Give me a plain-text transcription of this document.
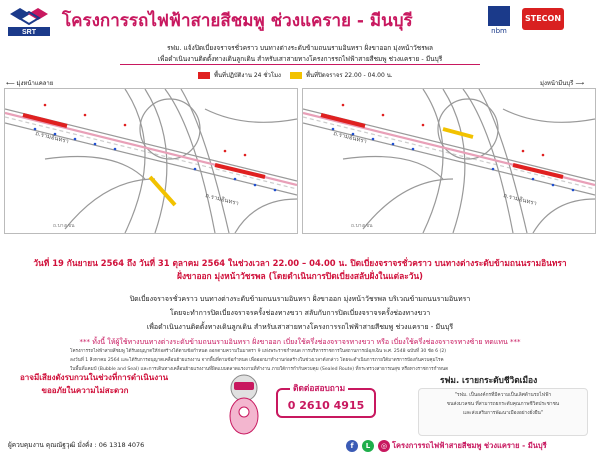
SRT
โครงการรถไฟฟ้าสายสีชมพู ช่วงแคราย - มีนบุรี	nbm
STECON
รฟม. แจ้งปิดเบี่ยงจราจรชั่วคราว บนทางต่างระดับข้ามถนนรามอินทรา ฝั่งขาออก มุ่งหน้าวัชรพล
เพื่อดำเนินงานติดตั้งทางเดินลูกเดิน สำหรับเสาสายทางโครงการรถไฟฟ้าสายสีชมพู ช่วงแคราย - มีนบุรี
พื้นที่ปฏิบัติงาน 24 ชั่วโมง	พื้นที่ปิดจราจร 22.00 - 04.00 น.
⟵ มุ่งหน้าแคลาย	มุ่งหน้ามีนบุรี ⟶
ถ.รามอินทรา
ถ.รามอินทรา
ถ.บางเขน
ถ.รามอินทรา
ถ.รามอินทรา
ถ.บางเขน
วันที่ 19 กันยายน 2564 ถึง วันที่ 31 ตุลาคม 2564 ในช่วงเวลา 22.00 – 04.00 น. ปิดเบี่ยงจราจรชั่วคราว บนทางต่างระดับข้ามถนนรามอินทรา
ฝั่งขาออก มุ่งหน้าวัชรพล (โดยดำเนินการปิดเบี่ยงสลับฝั่งในแต่ละวัน)
ปิดเบี่ยงจราจรชั่วคราว บนทางต่างระดับข้ามถนนรามอินทรา ฝั่งขาออก มุ่งหน้าวัชรพล บริเวณข้ามถนนรามอินทรา
โดยจะทำการปิดเบี่ยงจราจรครั้งช่องทางขวา สลับกับการปิดเบี่ยงจราจรครั้งช่องทางขวา
เพื่อดำเนินงานติดตั้งทางเดินลูกเดิน สำหรับเสาสายทางโครงการรถไฟฟ้าสายสีชมพู ช่วงแคราย - มีนบุรี
*** ทั้งนี้ ให้ผู้ใช้ทางบนทางต่างระดับข้ามถนนรามอินทรา ฝั่งขาออก เบี่ยงใช้ครึ่งช่องจราจรทางขวา หรือ เบี่ยงใช้ครึ่งช่องจราจรทางซ้าย ทดแทน ***
โครงการรถไฟฟ้าสายสีชมพู ได้รับอนุญาตให้ก่อสร้างได้ตามข้อกำหนด ออกตามความในมาตรา 9 แห่งพระราชกำหนด การบริหารราชการในสถานการณ์ฉุกเฉิน พ.ศ. 2548 ฉบับที่ 30 ข้อ 6 (2)
ลงวันที่ 1 สิงหาคม 2564 และได้รับการอนุญาตเคลื่อนย้ายแรงงาน จากพื้นที่ตามข้อกำหนด เพื่อออกมาทำงานก่อสร้างในช่วงเวลาดังกล่าว โดยจะดำเนินการภายใต้มาตรการป้องกันควบคุมโรค
ในพื้นที่แคมป์ (Bubble and Seal) และการเดินทางเคลื่อนย้ายแรงงานที่ผิดแบบตลาดแรงงานที่ทำงาน ภายใต้การกำกับควบคุม (Sealed Route) ที่กระทรวงสาธารณสุข หรือทางราชการกำหนด
อาจมีเสียงดังรบกวนในช่วงที่การดำเนินงาน
ขออภัยในความไม่สะดวก	ติดต่อสอบถาม
0 2610 4915
รฟม. เรายกระดับชีวิตเมือง
"รฟม. เป็นองค์กรที่มีความเป็นเลิศด้านรถไฟฟ้า
ขนส่งมวลชน ที่สามารถยกระดับคุณภาพชีวิตประชาชน
และส่งเสริมการพัฒนาเมืองอย่างยั่งยืน"
ผู้ควบคุมงาน คุณณัฐวุฒิ มั่งคั่ง : 06 1318 4076	f	L	◎ โครงการรถไฟฟ้าสายสีชมพู ช่วงแคราย - มีนบุรี
